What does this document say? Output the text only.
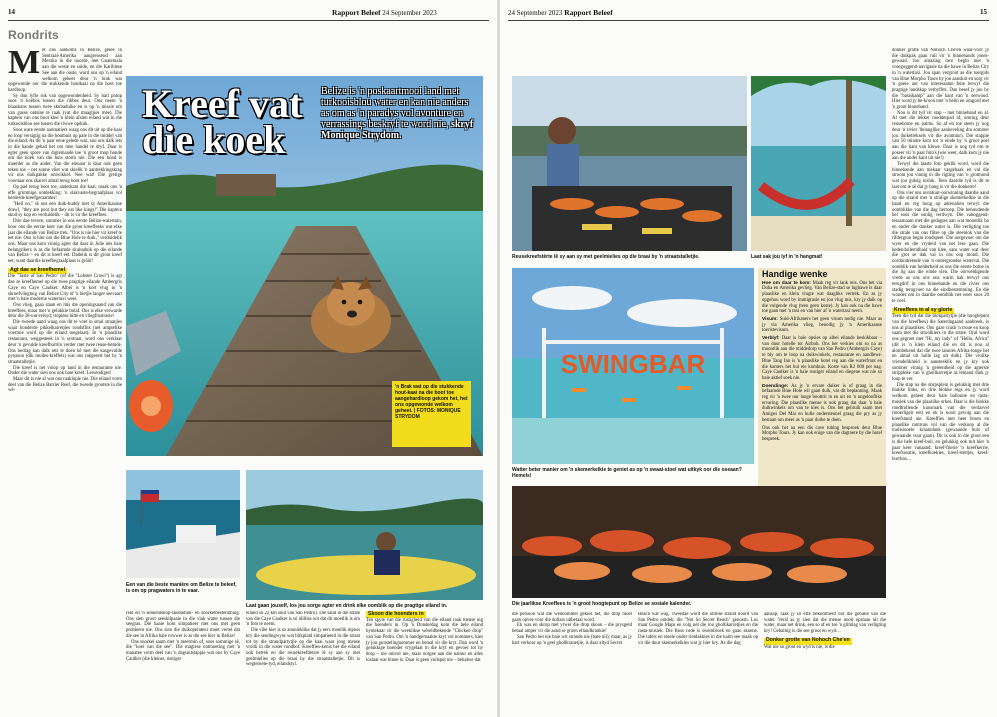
14	Rapport Beleef 24 September 2023
Rondrits
Kreef vat
die koek
Belize is 'n poskaartmooi land met turkooisblou water en kan nie anders as om as 'n paradys vol avonture en verrassings beskryf te word nie, skryf Monique Strydom.
'n Brak wat op die stukkende hout-kaai na die boot toe aangehardloop gekom het, het ons opgewonde welkom geheet. | FOTOS: MONIQUE STRYDOM
M et ons aankoms in Belize, geleë in Sentraal-Amerika aangrensend aan Mexiko in die noorde, met Guatemala aan die weste en suide, en die Karibiese See aan die ooste, word ons op 'n eiland welkom geheet deur 'n brak wat opgewonde oor die stukkende houtkaai na die boot toe hardloop.

Sy dun lyfie ruk van opgewondenheid. Sy hart pomp soos 'n hoëbos tussen die ribbes deur. Ons neem 'n blaaskans tussen twee skubaduike en is op 'n missie om van gasse ontslae te raak (vat die maagtjies mee). Die kaptein van ons boot klee 'n klein afsien eiland wat in die turkooisblou see tussen die riwwe opduik.

Soos ware eerste aanmatiers waag ons dit uit op die kaai en loop versigtig na die houthuis op pale in die middel van die eiland. As dit 'n paar eeue gelede was, sou ons dalk iets in die hande gehad het om mee handel te dryf. Daar is egter geen spore van diglemande toe 'n groot mop honde om die hoek van die huis storm nie. Die een hond is maerder as die ander. Van die eienaar is daar ook geen teken nie – net sonne vliet wat skielik 'n aantrekkingskrag vir ons duikpakke ontwikkel. Nee wat! Die gretige voomaar ons skarrel almal terug boot toe!

Op pad terug boot toe, anderkant die kaai, maak ons 'n effe grimmige ontdekking: 'n slakvaste-begraafplaas vol herderde kreefgeraamtes!

"Hell no," sê ons een duik-buddy met sy Amerikaanse drawl, "they are poor but they eat like kings!" Die kaptein skud sy kop en verduidelik – dit is vir die kreeffees.

Drie dae tevore, sommer in ons eerste Belize-watertuin, hoor ons die eerste keer van die groot kreeffeeks wat elke jaar die eilande van Belize trek. "Ons is nie hier vir kreef te eet nie. Ons is hier om die Blue Hole te duik," verduidelik ons. Maar ons kom vinnig agter dat daar in Julie iets baie belangrikers is as die befaamde skubaduik op die eilande van Belize – en dit is kreef eet. Dadelik is dit groot kreef eet, want daardie kreefbegraafplaas is grôôt!

Agt dae se kreefhemel

Die "Taste of San Pedro" (of die "Lobster Crawl") is agt dae se kreefhemel op die twee pragtige eilande Ambergris Caye en Caye Caulker. Albei is 'n kort vlug in 'n skroefvliegtuig van Belize City of 'n bietjie langer seevaart met 'n baie moderne watertaxi weer.

Ons vlieg, gaan staan en mis die openingsaand van die kreeffees, maar met 'n gelukkie bolaf. Ons is elke verwarde deur die 38-uur-reisyd; tropiese hitte en vliegfrustrasie!

Die tweede aand waag ons dit te voet in smal straatjies waar honderde pikkelkarretjies rondsflits (net amptelike voertuie word op die eiland toegelaat). In 'n plaaslike restaurant, weggesteek in 'n systraat, word ons verklaar deur 'n gevulde kreefburrito verder met twee reuse-hemde. Ons bedrag kan dalk iets te doen hê met die kasgevulde pynasuu (dik muiles-kreffels) wat ons rakgesert het by 'n straatstalletjie.

Die kreef is net volop op land in die restaurante nie. Onder die water sien ons ook baie kreef. Lewendiges!

Maar dit is nie al wat ons raaklopie nie. Die eiland vorm deel van die Belize Barrier Reef, die tweede grootste in die wê-

Een van die beste manière om Belize te beleef, is om op pragwaters in te vaar.
Laat gaan jouself, los jou sorge agter en drink elke oomblik op die pragtige eiland in.

reld en 'n sennentskop-skubaduik- en snorkelbestemming. Ons sien groot seeskilpaaie in die vlak water tussen die seegras. Die haaie kom simpatieer met ons met geen probleem nie. Ons sien die duikoperateur moet vertel dat die see in Afrika baie rowwer is as die see hier in Belize!

Ons snorkel saam met 'n meermin of, soos sommige sê, die "koei van die see". Die magiese ontmoeting met 'n manatee vorm deel van 'n dagsuitstappie wat ons by Caye Caulker (die kleiner, rustiger

eiland so 22 km suid van San Pedro). Die sand in die strate van die Caye Caulker is só idillies wit dat dit moeilik is om 'n foto te neem.

Die vibe hier is so anonieklike dat jy eers moeilik mposs kry die sendingwyse wat blikplatd simpatieerd in die straat tot by die strandpartytjie op die kaai waar jong mense vrolik in die water rondbof. Kreeffies-kenis het die eiland ook betrek en die reusekreeftietsre lê sy aan sy met geelmielies op die braai by die straatstalletjie. Dit is wegternete-tyd, eilandstyl.

Skoon die hoenders in

Ten spyte van die rustigheid van die eiland raak mense nig die hoenders in. Op 'n Donderdag kom die hele eiland bymekaar vir die weeklikse wêreldbekende "Chicken drop" van San Pedro. Om 'n handgemaakte kryt vol nommers, kies jy jou gunstelingnommer en betaal vir die kryt. Dan word 'n gelukkige hoender vrygelaat in die kryt en gevoer tot hy drop – nie omvol nie, maar oorgee aan die natuur en alles loslaat wat binne is. Daar is geen vuilspel nie – behalwe dat

24 September 2023 Rapport Beleef	15
Reusekreefstêrte lê sy aan sy met geelmielies op die braai by 'n straatstalletjie.	Laat sak jou lyf in 'n hangmat!
SWINGBAR
Watter beter manier om 'n skemerkelkie te geniet as op 'n swaai-stoel wat uitkyk oor die oseaan? Hemels!
Handige wenke

Hoe om daar te kom: Maak reg vir lank reis. Ons het via Doha en Amerika gevlieg. Van Belize-stad se lughawe is daar plaaslike en klein vlugte wat daagliks vertrek. En as jy opgehou word by immigrasie en jou vlug mis, kry jy dalk op die volgende vlug (teen geen koste). Jy kan ook na die hawe toe gaan met 'n taxi en van hier af 'n watertaxi neem.

Visum: Suid-Afrikaners het geen visum nodig nie. Maar as jy via Amerika vlieg, benodig jy 'n Amerikaanse toeristevisum.

Verblyf: Daar is baie opsies op albei eilande beskikbaar – van duur hotelle tot Airbnb. Ons het verkies om so na as moontlik aan die middedorp van San Pedro (Ambergris Caye) te bly om te loop na duikwinkels, restaurante en aandlewe. Blue Tang Inn is 'n plaaslike hotel reg aan die waterfront en die kamers het hul eie kombuis. Koste van R2 000 per nag. Caye Caulker is 'n baie rustiger eiland en diegene wat nie so baie aktief soek nie.

Doendinge: As jy 'n ervare duiker is of graag in die befaamde Blue Hole wil gaan duik, vat dit beplanning. Maak reg vir 'n twee uur lange boottrit in en uit en 'n ongelooflike ervaring. Die plaaslike mense is ook graag dat daar 'n baie duikwinkels om van te kies is. Ons het gebruik saam met Amigos Del Mar en hulle ondersteunel graag die pry as jy bestaan om meer as 'n paar duike te doen.

Ons ook het na een dis cave tubing besproek deur Blue Morpho Tours. Jy kan ook enige van die dagtoere by die hotel bespreek.

Die jaarlikse Kreeffees is 'n groot hoogtepunt op Belize se sosiale kalender.

die persoon wat die wennommer gekies het, die drop moet gaan opvee voor die dollars uitbetaal word.

Ek was en skrop met yrwer die drop skoon – die prysgeld betaal amper vir die aand se groen ellandkrankie!

San Pedro het nie baie wit strande nie (bate nil); maar, as jy hart verkoor op 'n geel ghollkranetjie, is daar altyd Secret

Beach wat wag. Tweedae word die idillise strand noord van San Pedro ontdek: die "Not So Secret Beach" genoem. Los maar Google Maps en volg net die rou ghollikarretjies en die rasta-musiek. Die Boss code is swembroek en gaan skoene. Die tafels en stoele onder rietdakkies in die kalm see maak op vir die duur skemerkelkies wat jy hier kry. As die dag

aansap, raak jy so effe bekommerd oor die gebalie van die water. Verál as jy sien dat die mense nooit opstaan uit die water, maar net drink, een so af en toe 'n glimlag van verligting kry! Gebalnig is die see groot en wyd…

Donker grotte van Nohoch Che'en

Wat nie so groot en wyd is nie, is die

donker grotte van Nohoch Che'en waar-voor jy die duikpak gaan ruil vir 'n binnebands jones-gewaad. Jou amazing race begin met 'n vroegoggend-navigasie na die hawe in Belize City in 'n watertaxi. Jou span vergroot as die toergids van Blue Morpho Tours by jou aansluit en sorg vir 'n goeie uur van interessante feite terwyl die pragtige landskap verbyflits. Dan besef jy jou by die "basiskamp" aan die kant van 'n oerwoud. Hier word jy be-kroon met 'n helm en omgord met 'n groot binneband.

Nou is dit tyd vir stap – met binneband en al. Al met die lekker modderpad af, omring deur reusebome en palms. So af en toe steen jy nog deur 'n rivier 'llelanglike aanbeveling dra sommer jou duiketreksels vir die avontuur). Die stappie van 50 minute kom tot 'n einde by 'n groot poel aan die kant van klowe. Daar is nog tyd om te poseer vir 'n paar foto's (wie weet, dalk kom jy nie aan die ander kant uit nie!)

Terwyl die laaste foto geklik word, word die binnebande aan mekaar vasgehaak en val die stroom jou vinnig in die rigting van 'n grotmond wat jou gulsig insluk. Teen daardie tyd is dit te laat om te sê dat jy bang is vir die donkerte!

Ons vier ons avontuur-oorwinning daardie aand op die strand met 'n stralige skemerkelkie in die hand en reg hoog op adrenalien terwyl die oomblikke van die dag herroep. Die behoudende hel soos die sonlig verdwyn. Die vanoggend-tesaarnaam met die gedagtes aan wat moontlik bo en onder die donker water is. Die verligting toe die strale van ons flitse op die steenlok van die rifdergroe begin rondspeel. Die oorgevoer om die wyer en die vrydeid van net lese gaan. Die hedendollemdhaid van klee, sans water wat deur die grot se dak val in ons oop mond. Die oordondreende van 'n ondergrondse waterval. Die oomblik van helderheid as ons die eerste bome in die lig aan die einde sien. Die oorweldigende vrede as ons ons ons warm hak terwyl ons terugdrif in ons binnebande en die rivier ons stadig terugvoer na die eindbestemming. En die wonder om in daardie oomblik net weer soos 20 te voel.

Kreeffees in al sy glorie

Teen die tyd dat die blokpartytjie (die hoogtepunt van die kreeffees) die Saterdagaand aanbreek, is ons al plaaslikes. Ons gaze crash 'n troue en koop saam met die stroolkiers in die strate. Oral word ons gegroet met "Hi, my lady" of "Hello, Africa" (dit is 'n klein eiland dié en dit is nou al alombekend dat die twee tannies Afrika-longe het en almal uit hulle lag uit dulk). Die vrolike vriendelikheid is aansteeklik en jy kry ook sommer vinnig 'n geleentheid op die agterste strippleke van 'n ghollkarretjie as lemand dink jy loop te ver.

Die stap na die dorpsplein is gelukkig met drie blokke links, en drie blokke regs en jy word welkom geheet deur baie ballonne en rasta-musiek van die plaaslike orkes. Daar is die blokke rondtrollende kunsmark van die verdarvel (moerligeir eet) en ek is nooit gevolg aan die kreefstand nie. Kreeffies met heet bruen en plaaslike rumruns vol van die verkoop al die tradisionele kraamdank (gewaande huis of gewaande vuur gaan). Dit is ook in die groot een is die hele kreef-buil, en gelukkig ook tuit hier 'n paar keer vanaand: kreef-flierie 'n kreefkerrie, kreefsosatie, kreefkoekies, kreef-stertjes, kreef-burritos…
